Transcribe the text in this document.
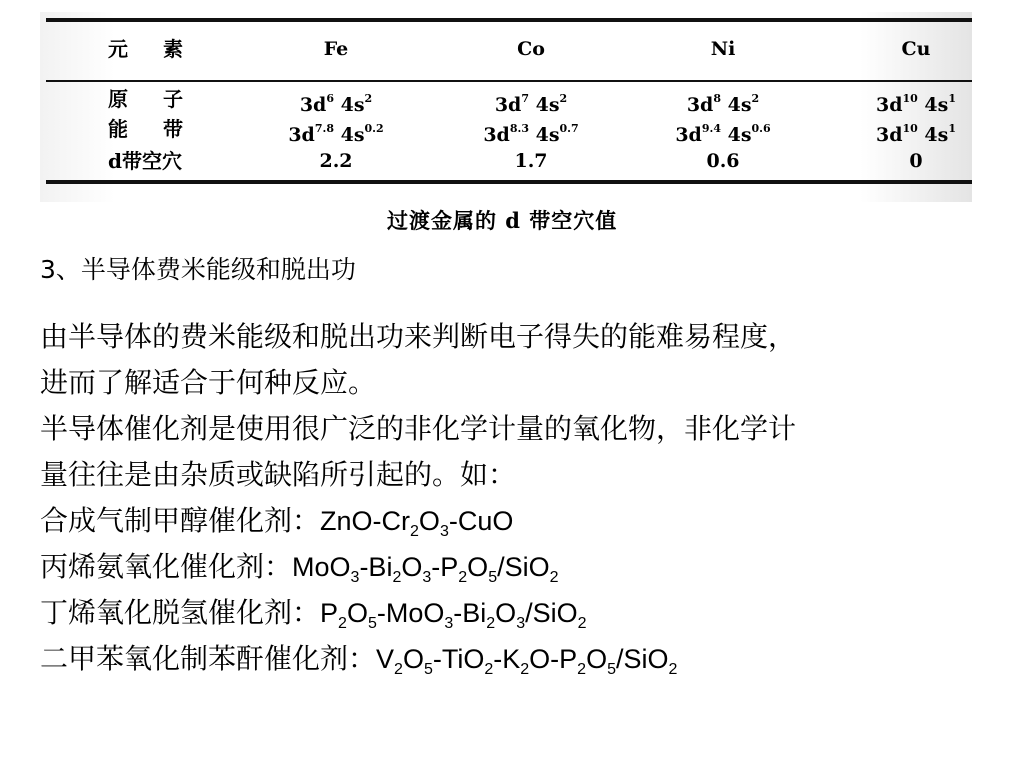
元 素	Fe	Co	Ni	Cu
原 子	$3d^6$ $4s^2$	$3d^7$ $4s^2$	$3d^8$ $4s^2$	$3d^{10}$ $4s^1$
能 带	$3d^{7.8}$ $4s^{0.2}$	$3d^{8.3}$ $4s^{0.7}$	$3d^{9.4}$ $4s^{0.6}$	$3d^{10}$ $4s^1$
d带空穴	2.2	1.7	0.6	0
过渡金属的 d 带空穴值
3、半导体费米能级和脱出功
由半导体的费米能级和脱出功来判断电子得失的能难易程度，
进而了解适合于何种反应。
半导体催化剂是使用很广泛的非化学计量的氧化物，非化学计
量往往是由杂质或缺陷所引起的。如：
合成气制甲醇催化剂：ZnO-$Cr_2O_3$-CuO
丙烯氨氧化催化剂：$MoO_3-Bi_2O_3-P_2O_5/SiO_2$
丁烯氧化脱氢催化剂：$P_2O_5-MoO_3-Bi_2O_3/SiO_2$
二甲苯氧化制苯酐催化剂：$V_2O_5-TiO_2-K_2O-P_2O_5/SiO_2$
